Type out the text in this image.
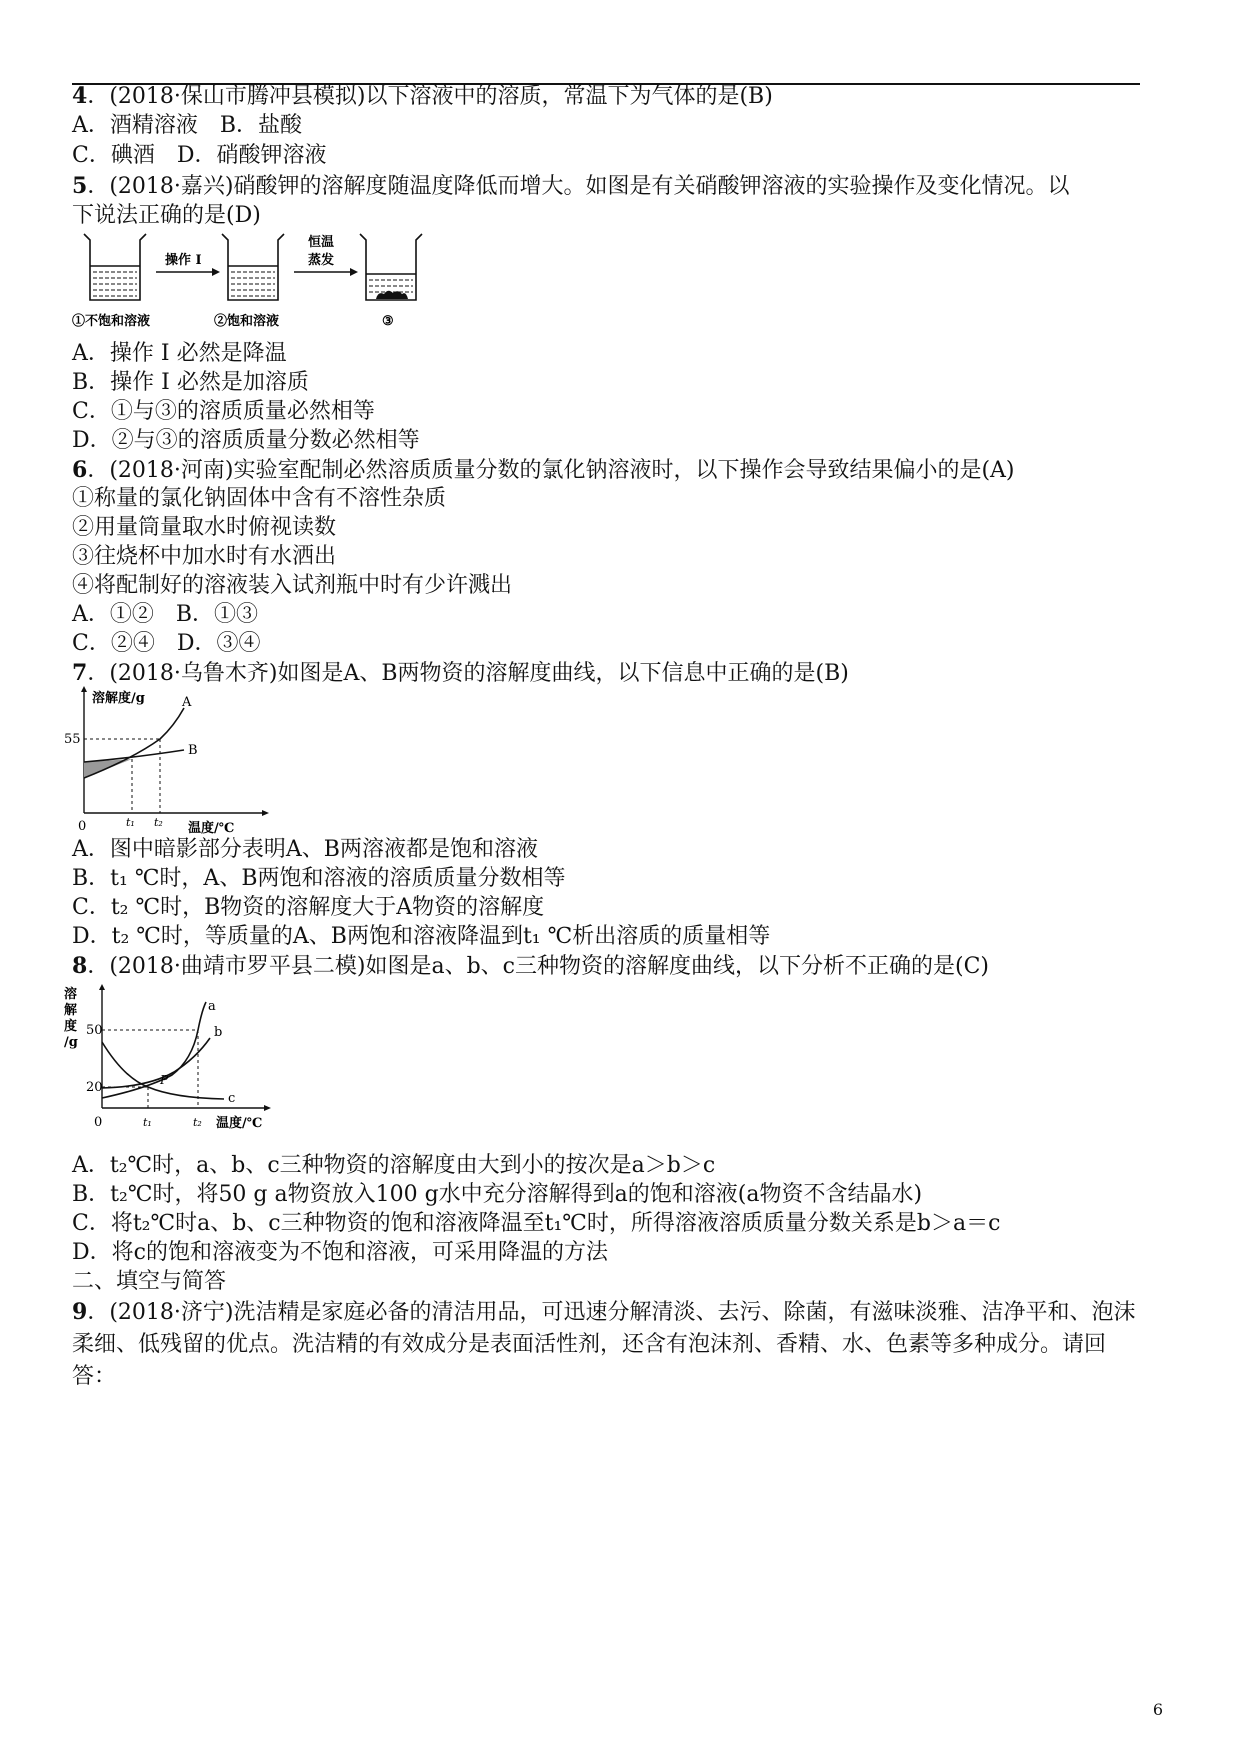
4．(2018·保山市腾冲县模拟)以下溶液中的溶质，常温下为气体的是(B)
A．酒精溶液　B．盐酸
C．碘酒　D．硝酸钾溶液
5．(2018·嘉兴)硝酸钾的溶解度随温度降低而增大。如图是有关硝酸钾溶液的实验操作及变化情况。以
下说法正确的是(D)
操作 I
恒温
蒸发
①不饱和溶液	②饱和溶液	③
A．操作 I 必然是降温
B．操作 I 必然是加溶质
C．①与③的溶质质量必然相等
D．②与③的溶质质量分数必然相等
6．(2018·河南)实验室配制必然溶质质量分数的氯化钠溶液时，以下操作会导致结果偏小的是(A)
①称量的氯化钠固体中含有不溶性杂质
②用量筒量取水时俯视读数
③往烧杯中加水时有水洒出
④将配制好的溶液装入试剂瓶中时有少许溅出
A．①②　B．①③
C．②④　D．③④
7．(2018·乌鲁木齐)如图是A、B两物资的溶解度曲线，以下信息中正确的是(B)
溶解度/g	A
B
55
0	t₁ t₂ 温度/℃
A．图中暗影部分表明A、B两溶液都是饱和溶液
B．t₁ ℃时，A、B两饱和溶液的溶质质量分数相等
C．t₂ ℃时，B物资的溶解度大于A物资的溶解度
D．t₂ ℃时，等质量的A、B两饱和溶液降温到t₁ ℃析出溶质的质量相等
8．(2018·曲靖市罗平县二模)如图是a、b、c三种物资的溶解度曲线，以下分析不正确的是(C)
溶
解
度
/g
a
b
c
P
50
20
0	t₁	t₂ 温度/℃
A．t₂℃时，a、b、c三种物资的溶解度由大到小的按次是a＞b＞c
B．t₂℃时，将50 g a物资放入100 g水中充分溶解得到a的饱和溶液(a物资不含结晶水)
C．将t₂℃时a、b、c三种物资的饱和溶液降温至t₁℃时，所得溶液溶质质量分数关系是b＞a＝c
D．将c的饱和溶液变为不饱和溶液，可采用降温的方法
二、填空与简答
9．(2018·济宁)洗洁精是家庭必备的清洁用品，可迅速分解清淡、去污、除菌，有滋味淡雅、洁净平和、泡沫柔细、低残留的优点。洗洁精的有效成分是表面活性剂，还含有泡沫剂、香精、水、色素等多种成分。请回答：
6
